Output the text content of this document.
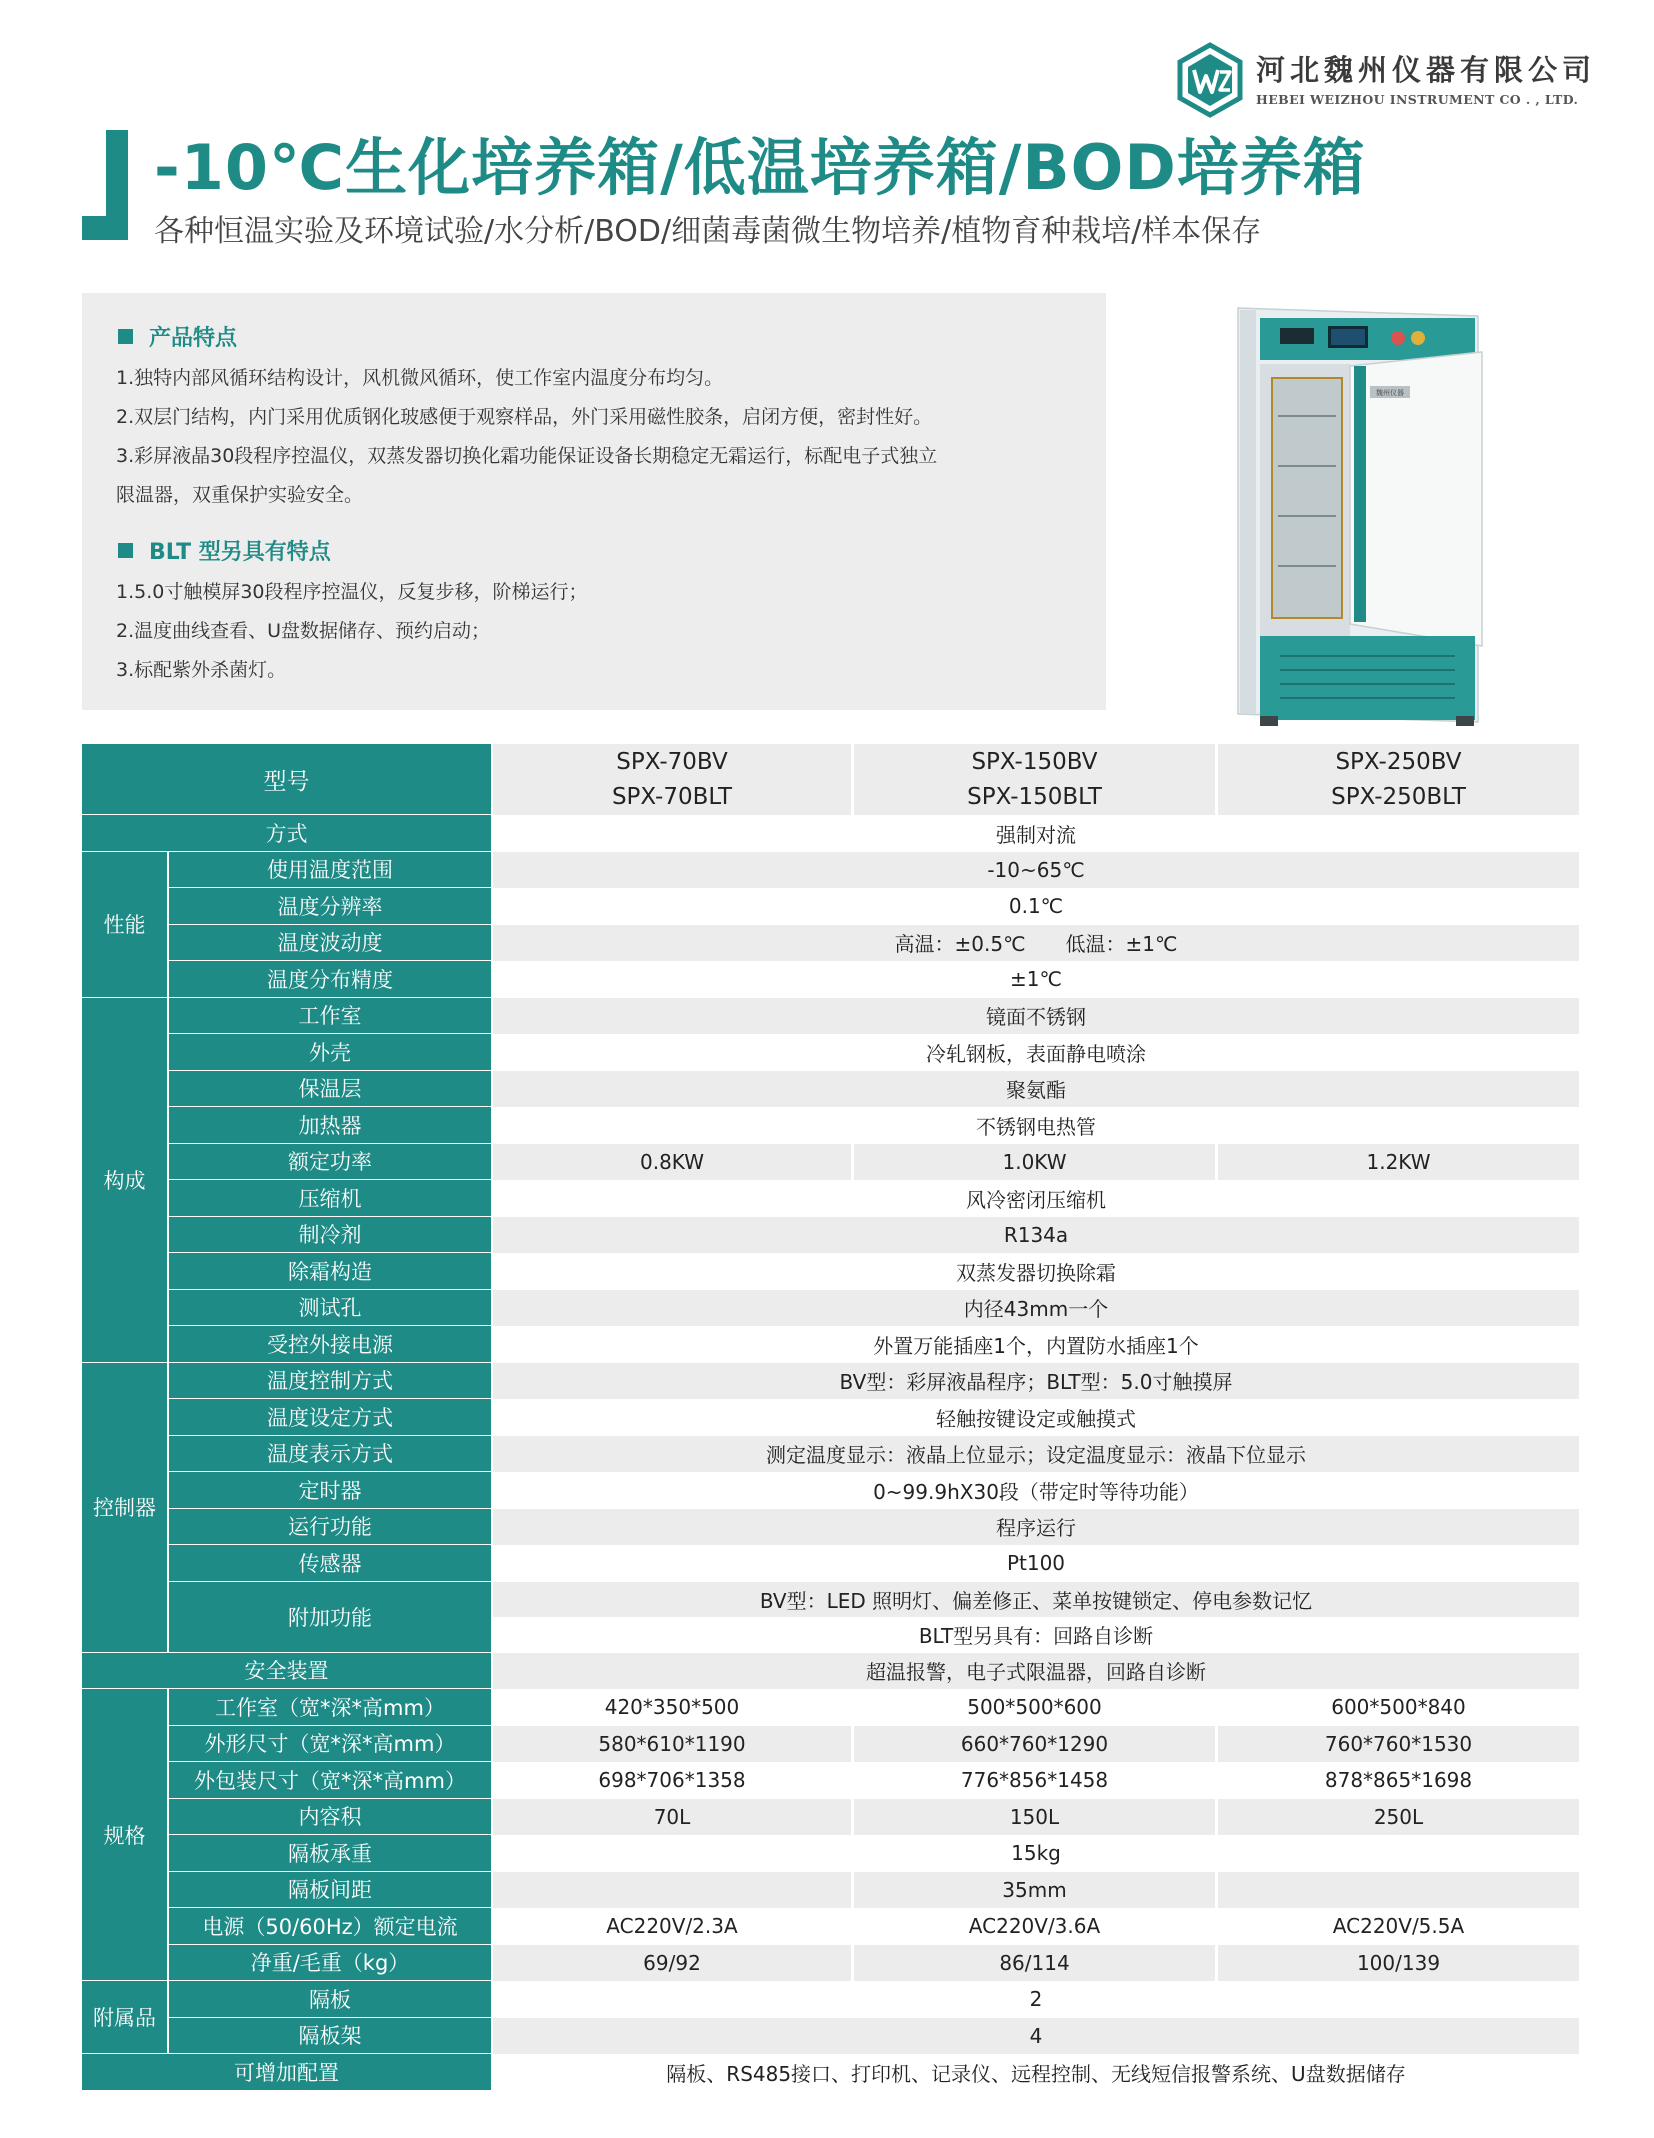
河北魏州仪器有限公司
HEBEI WEIZHOU INSTRUMENT CO . , LTD.
-10℃生化培养箱/低温培养箱/BOD培养箱
各种恒温实验及环境试验/水分析/BOD/细菌毒菌微生物培养/植物育种栽培/样本保存
产品特点
1.独特内部风循环结构设计，风机微风循环，使工作室内温度分布均匀。
2.双层门结构，内门采用优质钢化玻感便于观察样品，外门采用磁性胶条，启闭方便，密封性好。
3.彩屏液晶30段程序控温仪，双蒸发器切换化霜功能保证设备长期稳定无霜运行，标配电子式独立
限温器，双重保护实验安全。
BLT 型另具有特点
1.5.0寸触模屏30段程序控温仪，反复步移，阶梯运行；
2.温度曲线查看、U盘数据储存、预约启动；
3.标配紫外杀菌灯。
魏州仪器
型号		SPX-70BV	SPX-150BV	SPX-250BV
		SPX-70BLT	SPX-150BLT	SPX-250BLT
方式		强制对流		
性能	使用温度范围	-10~65℃		
	温度分辨率	0.1℃		
	温度波动度	高温：±0.5℃　　低温：±1℃		
	温度分布精度	±1℃		
构成	工作室	镜面不锈钢		
	外壳	冷轧钢板，表面静电喷涂		
	保温层	聚氨酯		
	加热器	不锈钢电热管		
	额定功率	0.8KW	1.0KW	1.2KW
	压缩机	风冷密闭压缩机		
	制冷剂	R134a		
	除霜构造	双蒸发器切换除霜		
	测试孔	内径43mm一个		
	受控外接电源	外置万能插座1个，内置防水插座1个		
控制器	温度控制方式	BV型：彩屏液晶程序；BLT型：5.0寸触摸屏		
	温度设定方式	轻触按键设定或触摸式		
	温度表示方式	测定温度显示：液晶上位显示；设定温度显示：液晶下位显示		
	定时器	0~99.9hX30段（带定时等待功能）		
	运行功能	程序运行		
	传感器	Pt100		
	附加功能	BV型：LED 照明灯、偏差修正、菜单按键锁定、停电参数记忆		
		BLT型另具有：回路自诊断		
安全装置		超温报警，电子式限温器，回路自诊断		
规格	工作室（宽*深*高mm）	420*350*500	500*500*600	600*500*840
	外形尺寸（宽*深*高mm）	580*610*1190	660*760*1290	760*760*1530
	外包装尺寸（宽*深*高mm）	698*706*1358	776*856*1458	878*865*1698
	内容积	70L	150L	250L
	隔板承重	15kg		
	隔板间距		35mm	
	电源（50/60Hz）额定电流	AC220V/2.3A	AC220V/3.6A	AC220V/5.5A
	净重/毛重（kg）	69/92	86/114	100/139
附属品	隔板	2		
	隔板架	4		
可增加配置		隔板、RS485接口、打印机、记录仪、远程控制、无线短信报警系统、U盘数据储存		
